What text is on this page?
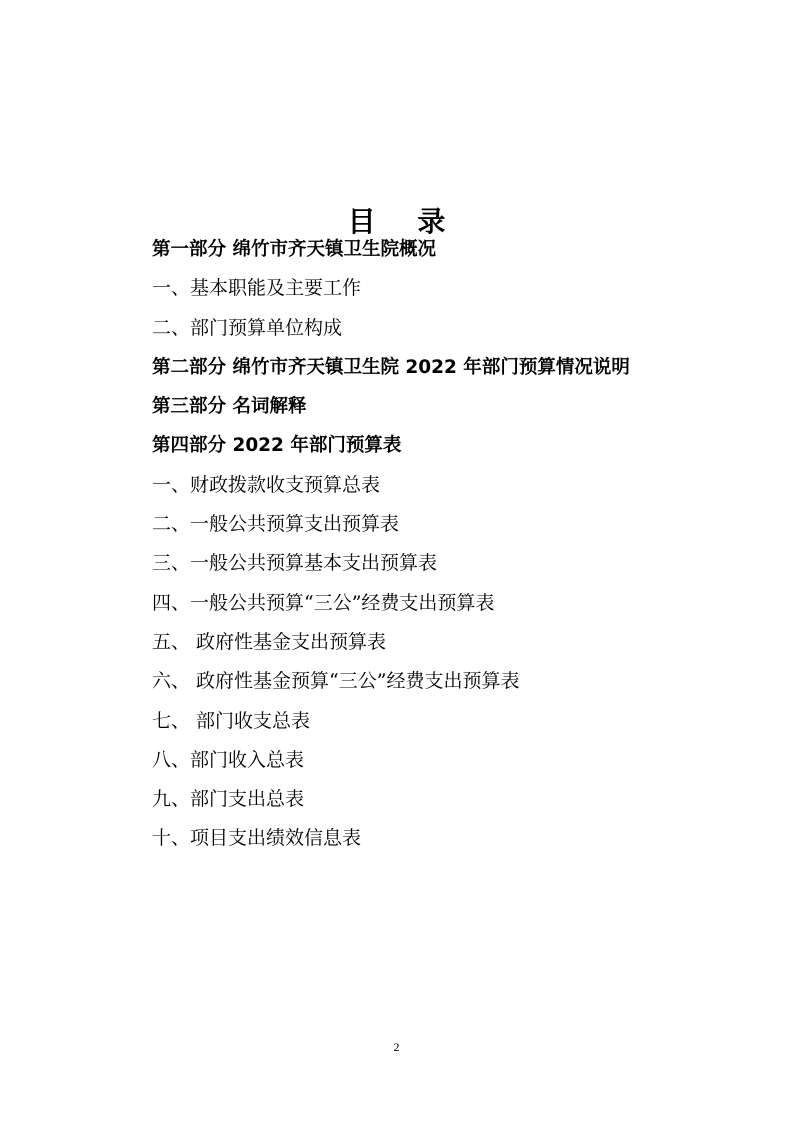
目 录
第一部分 绵竹市齐天镇卫生院概况
一、基本职能及主要工作
二、部门预算单位构成
第二部分 绵竹市齐天镇卫生院 2022 年部门预算情况说明
第三部分 名词解释
第四部分 2022 年部门预算表
一、财政拨款收支预算总表
二、一般公共预算支出预算表
三、一般公共预算基本支出预算表
四、一般公共预算“三公”经费支出预算表
五、 政府性基金支出预算表
六、 政府性基金预算“三公”经费支出预算表
七、 部门收支总表
八、部门收入总表
九、部门支出总表
十、项目支出绩效信息表
2
